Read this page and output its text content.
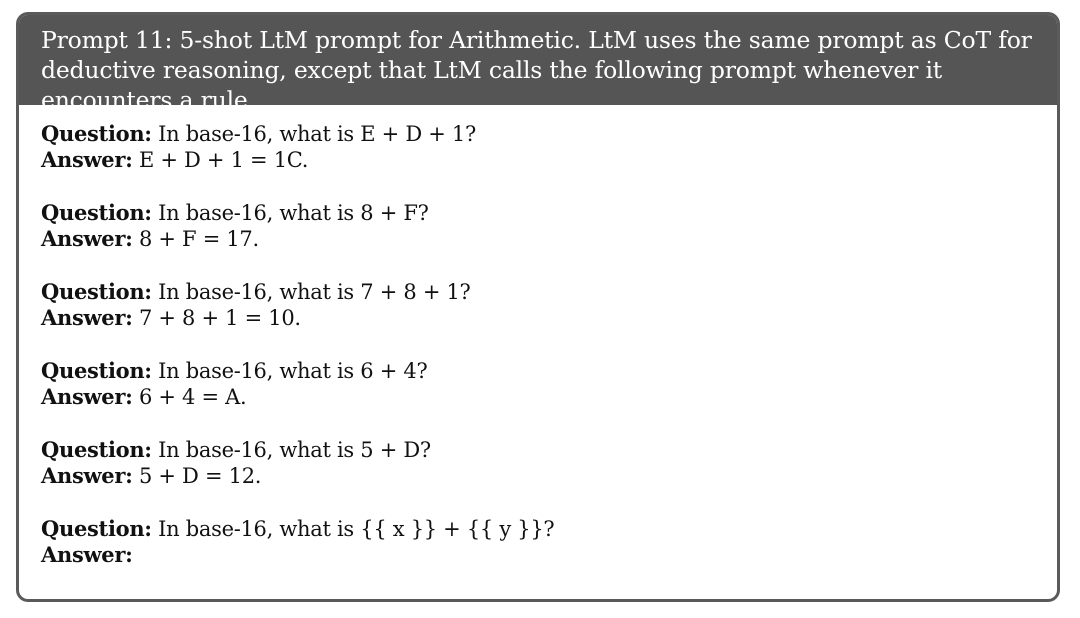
Prompt 11: 5-shot LtM prompt for Arithmetic. LtM uses the same prompt as CoT for deductive reasoning, except that LtM calls the following prompt whenever it encounters a rule.
Question: In base-16, what is E + D + 1?
Answer: E + D + 1 = 1C.
Question: In base-16, what is 8 + F?
Answer: 8 + F = 17.
Question: In base-16, what is 7 + 8 + 1?
Answer: 7 + 8 + 1 = 10.
Question: In base-16, what is 6 + 4?
Answer: 6 + 4 = A.
Question: In base-16, what is 5 + D?
Answer: 5 + D = 12.
Question: In base-16, what is {{ x }} + {{ y }}?
Answer:
